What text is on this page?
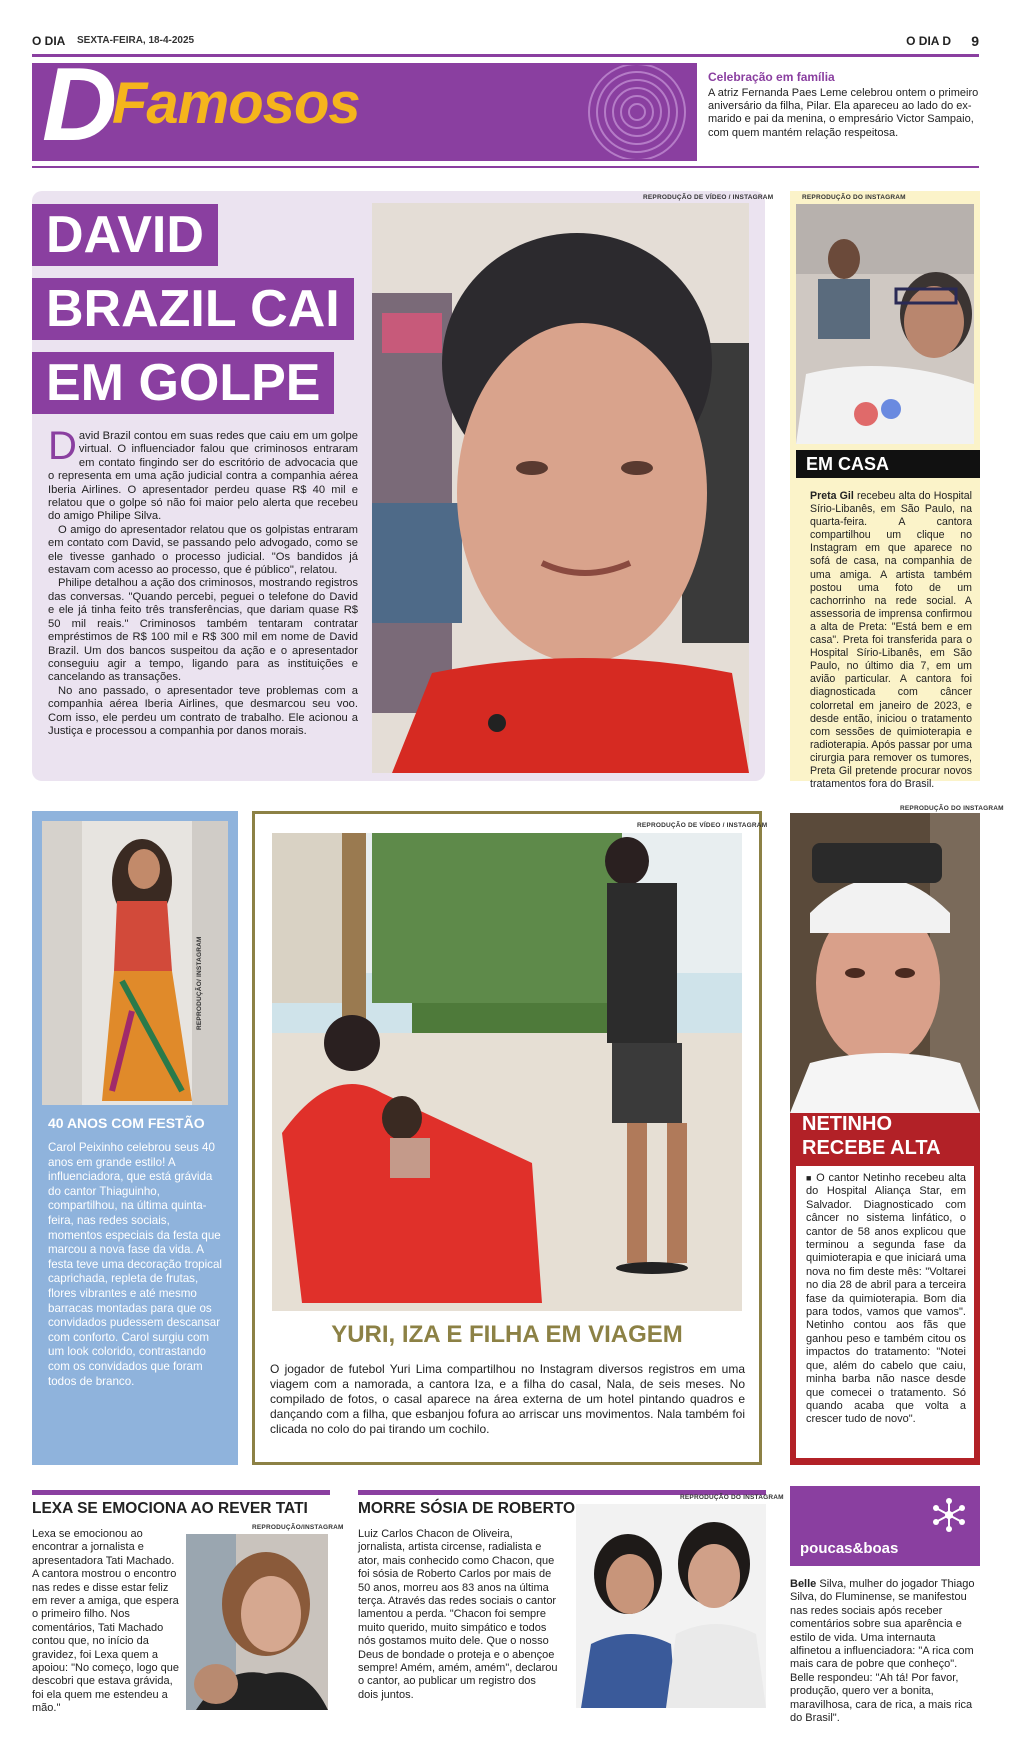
O DIA SEXTA-FEIRA, 18-4-2025	O DIA D 9
D
Famosos	Celebração em família
A atriz Fernanda Paes Leme celebrou ontem o primeiro aniversário da filha, Pilar. Ela apareceu ao lado do ex-marido e pai da menina, o empresário Victor Sampaio, com quem mantém relação respeitosa.
DAVID
BRAZIL CAI
EM GOLPE

David Brazil contou em suas redes que caiu em um golpe virtual. O influenciador falou que criminosos entraram em contato fingindo ser do escritório de advocacia que o representa em uma ação judicial contra a companhia aérea Iberia Airlines. O apresentador perdeu quase R$ 40 mil e relatou que o golpe só não foi maior pelo alerta que recebeu do amigo Philipe Silva.

O amigo do apresentador relatou que os golpistas entraram em contato com David, se passando pelo advogado, como se ele tivesse ganhado o processo judicial. "Os bandidos já estavam com acesso ao processo, que é público", relatou.

Philipe detalhou a ação dos criminosos, mostrando registros das conversas. "Quando percebi, peguei o telefone do David e ele já tinha feito três transferências, que dariam quase R$ 50 mil reais." Criminosos também tentaram contratar empréstimos de R$ 100 mil e R$ 300 mil em nome de David Brazil. Um dos bancos suspeitou da ação e o apresentador conseguiu agir a tempo, ligando para as instituições e cancelando as transações.

No ano passado, o apresentador teve problemas com a companhia aérea Iberia Airlines, que desmarcou seu voo. Com isso, ele perdeu um contrato de trabalho. Ele acionou a Justiça e processou a companhia por danos morais.

REPRODUÇÃO DE VÍDEO / INSTAGRAM	REPRODUÇÃO DO INSTAGRAM
EM CASA
Preta Gil recebeu alta do Hospital Sírio-Libanês, em São Paulo, na quarta-feira. A cantora compartilhou um clique no Instagram em que aparece no sofá de casa, na companhia de uma amiga. A artista também postou uma foto de um cachorrinho na rede social. A assessoria de imprensa confirmou a alta de Preta: "Está bem e em casa". Preta foi transferida para o Hospital Sírio-Libanês, em São Paulo, no último dia 7, em um avião particular. A cantora foi diagnosticada com câncer colorretal em janeiro de 2023, e desde então, iniciou o tratamento com sessões de quimioterapia e radioterapia. Após passar por uma cirurgia para remover os tumores, Preta Gil pretende procurar novos tratamentos fora do Brasil.
REPRODUÇÃO/ INSTAGRAM
40 ANOS COM FESTÃO
Carol Peixinho celebrou seus 40 anos em grande estilo! A influenciadora, que está grávida do cantor Thiaguinho, compartilhou, na última quinta-feira, nas redes sociais, momentos especiais da festa que marcou a nova fase da vida. A festa teve uma decoração tropical caprichada, repleta de frutas, flores vibrantes e até mesmo barracas montadas para que os convidados pudessem descansar com conforto. Carol surgiu com um look colorido, contrastando com os convidados que foram todos de branco.
REPRODUÇÃO DE VÍDEO / INSTAGRAM
YURI, IZA E FILHA EM VIAGEM
O jogador de futebol Yuri Lima compartilhou no Instagram diversos registros em uma viagem com a namorada, a cantora Iza, e a filha do casal, Nala, de seis meses. No compilado de fotos, o casal aparece na área externa de um hotel pintando quadros e dançando com a filha, que esbanjou fofura ao arriscar uns movimentos. Nala também foi clicada no colo do pai tirando um cochilo.
REPRODUÇÃO DO INSTAGRAM
NETINHO
RECEBE ALTA
■ O cantor Netinho recebeu alta do Hospital Aliança Star, em Salvador. Diagnosticado com câncer no sistema linfático, o cantor de 58 anos explicou que terminou a segunda fase da quimioterapia e que iniciará uma nova no fim deste mês: "Voltarei no dia 28 de abril para a terceira fase da quimioterapia. Bom dia para todos, vamos que vamos". Netinho contou aos fãs que ganhou peso e também citou os impactos do tratamento: "Notei que, além do cabelo que caiu, minha barba não nasce desde que comecei o tratamento. Só quando acaba que volta a crescer tudo de novo".
LEXA SE EMOCIONA AO REVER TATI
Lexa se emocionou ao encontrar a jornalista e apresentadora Tati Machado. A cantora mostrou o encontro nas redes e disse estar feliz em rever a amiga, que espera o primeiro filho. Nos comentários, Tati Machado contou que, no início da gravidez, foi Lexa quem a apoiou: "No começo, logo que descobri que estava grávida, foi ela quem me estendeu a mão."
REPRODUÇÃO/INSTAGRAM
MORRE SÓSIA DE ROBERTO
REPRODUÇÃO DO INSTAGRAM
Luiz Carlos Chacon de Oliveira, jornalista, artista circense, radialista e ator, mais conhecido como Chacon, que foi sósia de Roberto Carlos por mais de 50 anos, morreu aos 83 anos na última terça. Através das redes sociais o cantor lamentou a perda. "Chacon foi sempre muito querido, muito simpático e todos nós gostamos muito dele. Que o nosso Deus de bondade o proteja e o abençoe sempre! Amém, amém, amém", declarou o cantor, ao publicar um registro dos dois juntos.
poucas&boas
Belle Silva, mulher do jogador Thiago Silva, do Fluminense, se manifestou nas redes sociais após receber comentários sobre sua aparência e estilo de vida. Uma internauta alfinetou a influenciadora: "A rica com mais cara de pobre que conheço". Belle respondeu: "Ah tá! Por favor, produção, quero ver a bonita, maravilhosa, cara de rica, a mais rica do Brasil".
